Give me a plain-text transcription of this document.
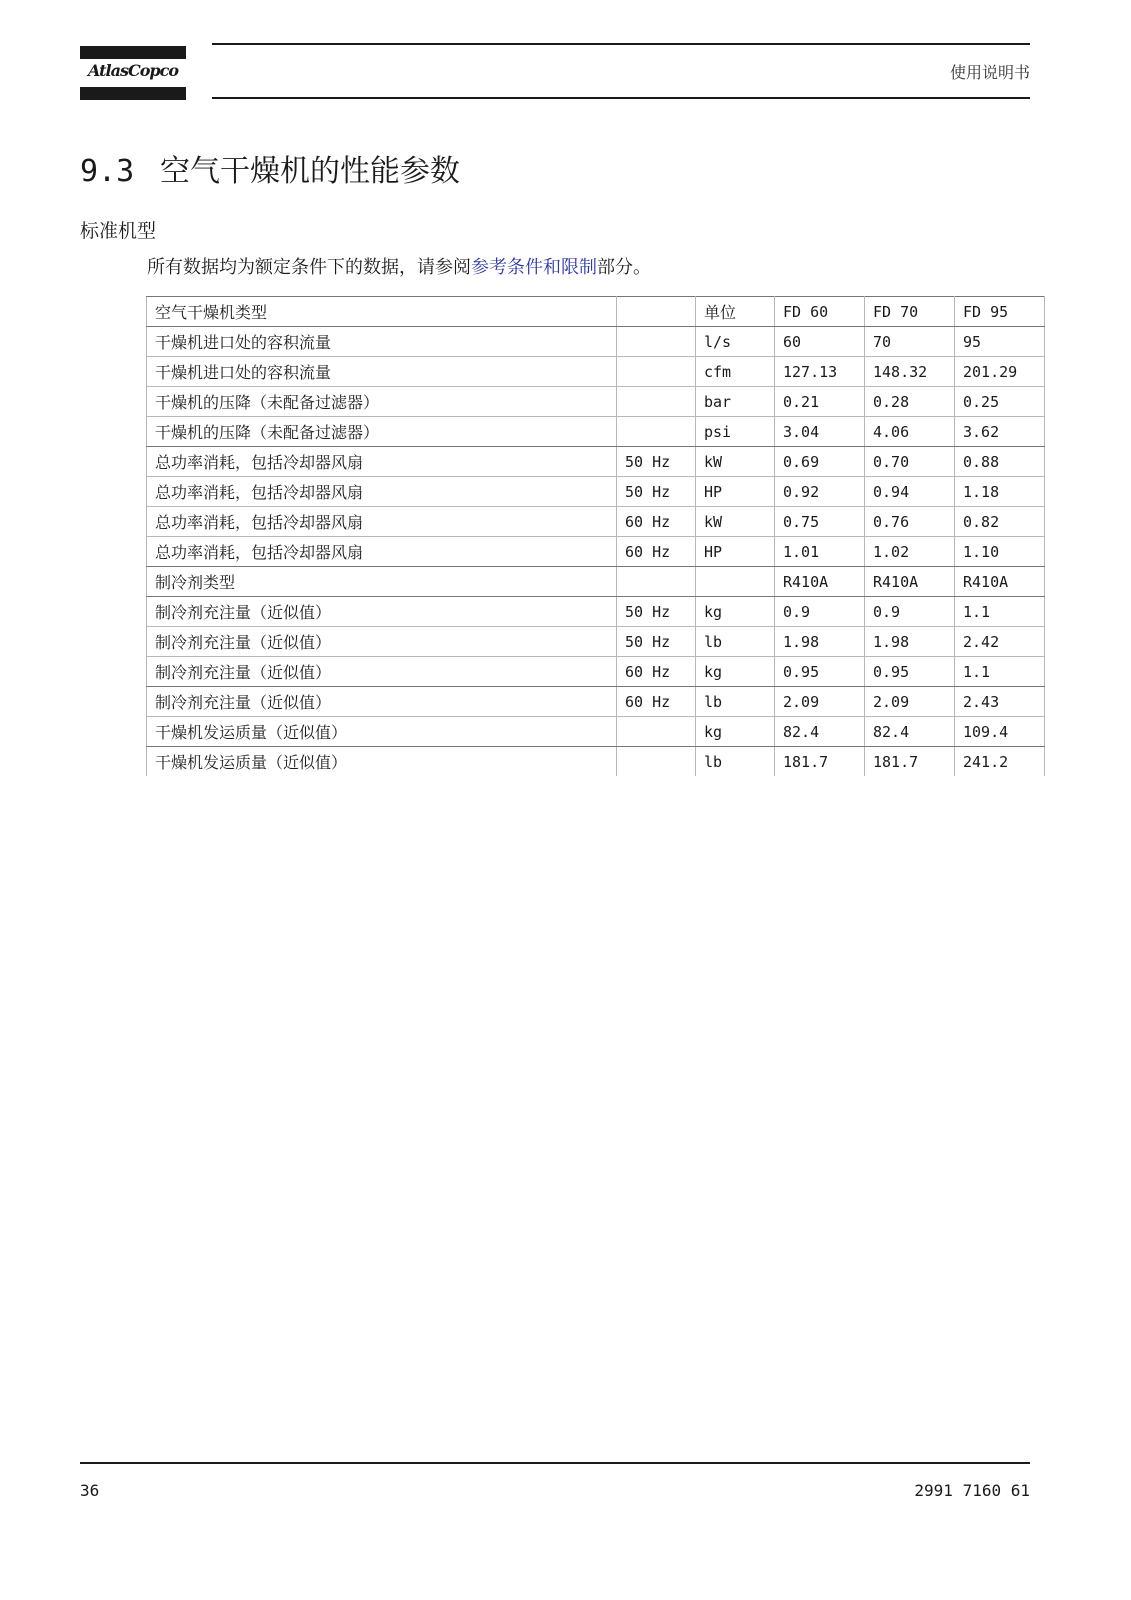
AtlasCopco	使用说明书
9.3 空气干燥机的性能参数
标准机型
所有数据均为额定条件下的数据，请参阅参考条件和限制部分。
空气干燥机类型		单位	FD 60	FD 70	FD 95
干燥机进口处的容积流量		l/s	60	70	95
干燥机进口处的容积流量		cfm	127.13	148.32	201.29
干燥机的压降（未配备过滤器）		bar	0.21	0.28	0.25
干燥机的压降（未配备过滤器）		psi	3.04	4.06	3.62
总功率消耗，包括冷却器风扇	50 Hz	kW	0.69	0.70	0.88
总功率消耗，包括冷却器风扇	50 Hz	HP	0.92	0.94	1.18
总功率消耗，包括冷却器风扇	60 Hz	kW	0.75	0.76	0.82
总功率消耗，包括冷却器风扇	60 Hz	HP	1.01	1.02	1.10
制冷剂类型			R410A	R410A	R410A
制冷剂充注量（近似值）	50 Hz	kg	0.9	0.9	1.1
制冷剂充注量（近似值）	50 Hz	lb	1.98	1.98	2.42
制冷剂充注量（近似值）	60 Hz	kg	0.95	0.95	1.1
制冷剂充注量（近似值）	60 Hz	lb	2.09	2.09	2.43
干燥机发运质量（近似值）		kg	82.4	82.4	109.4
干燥机发运质量（近似值）		lb	181.7	181.7	241.2
36	2991 7160 61
